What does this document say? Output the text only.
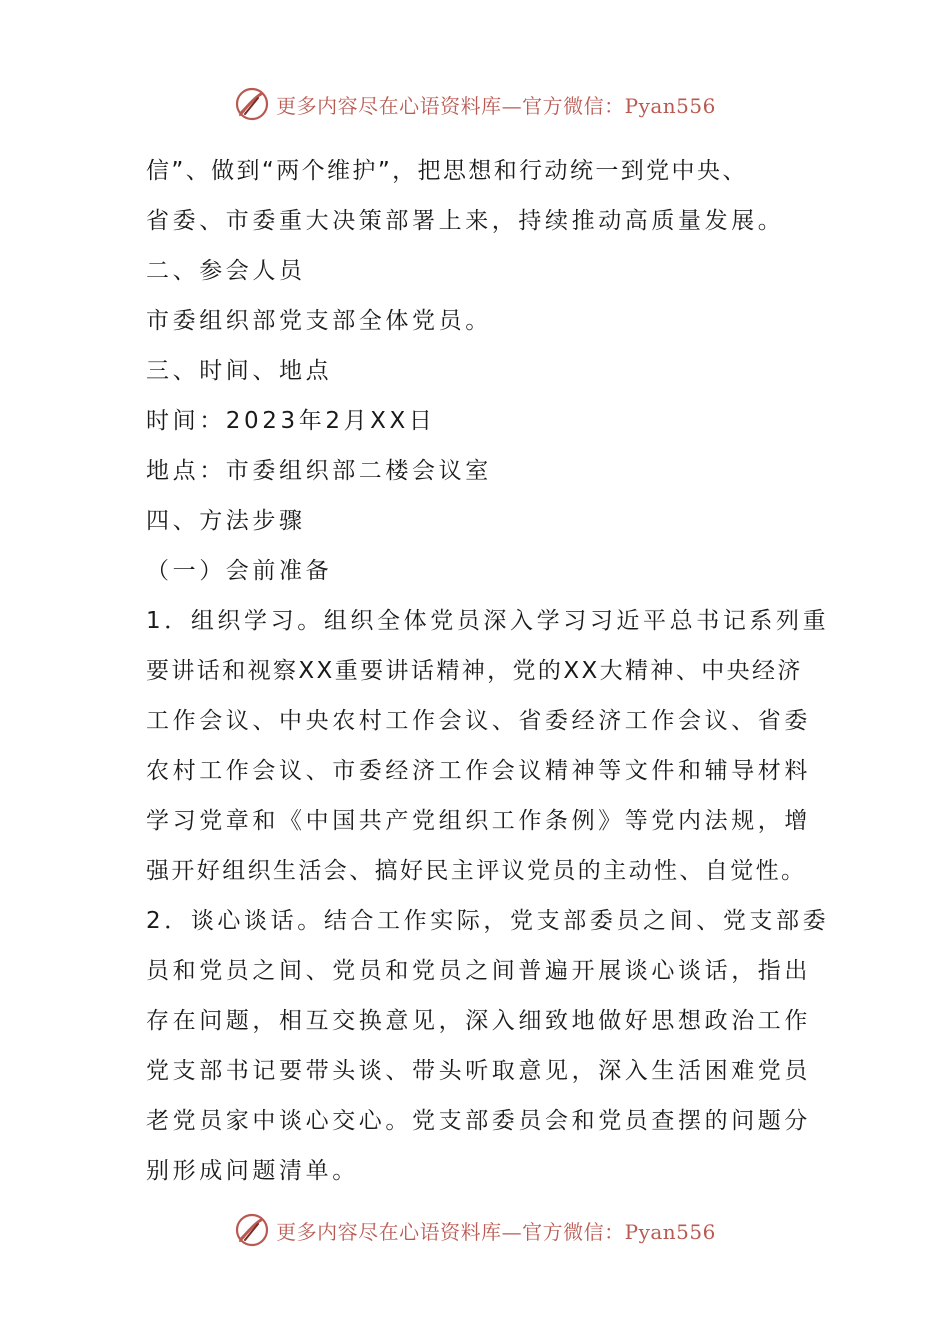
更多内容尽在心语资料库—官方微信：Pyan556
信”、做到“两个维护”，把思想和行动统一到党中央、
省委、市委重大决策部署上来，持续推动高质量发展。
二、参会人员
市委组织部党支部全体党员。
三、时间、地点
时间：2023年2月XX日
地点：市委组织部二楼会议室
四、方法步骤
（一）会前准备
1．组织学习。组织全体党员深入学习习近平总书记系列重
要讲话和视察XX重要讲话精神，党的XX大精神、中央经济
工作会议、中央农村工作会议、省委经济工作会议、省委
农村工作会议、市委经济工作会议精神等文件和辅导材料
学习党章和《中国共产党组织工作条例》等党内法规，增
强开好组织生活会、搞好民主评议党员的主动性、自觉性。
2．谈心谈话。结合工作实际，党支部委员之间、党支部委
员和党员之间、党员和党员之间普遍开展谈心谈话，指出
存在问题，相互交换意见，深入细致地做好思想政治工作
党支部书记要带头谈、带头听取意见，深入生活困难党员
老党员家中谈心交心。党支部委员会和党员查摆的问题分
别形成问题清单。
更多内容尽在心语资料库—官方微信：Pyan556
